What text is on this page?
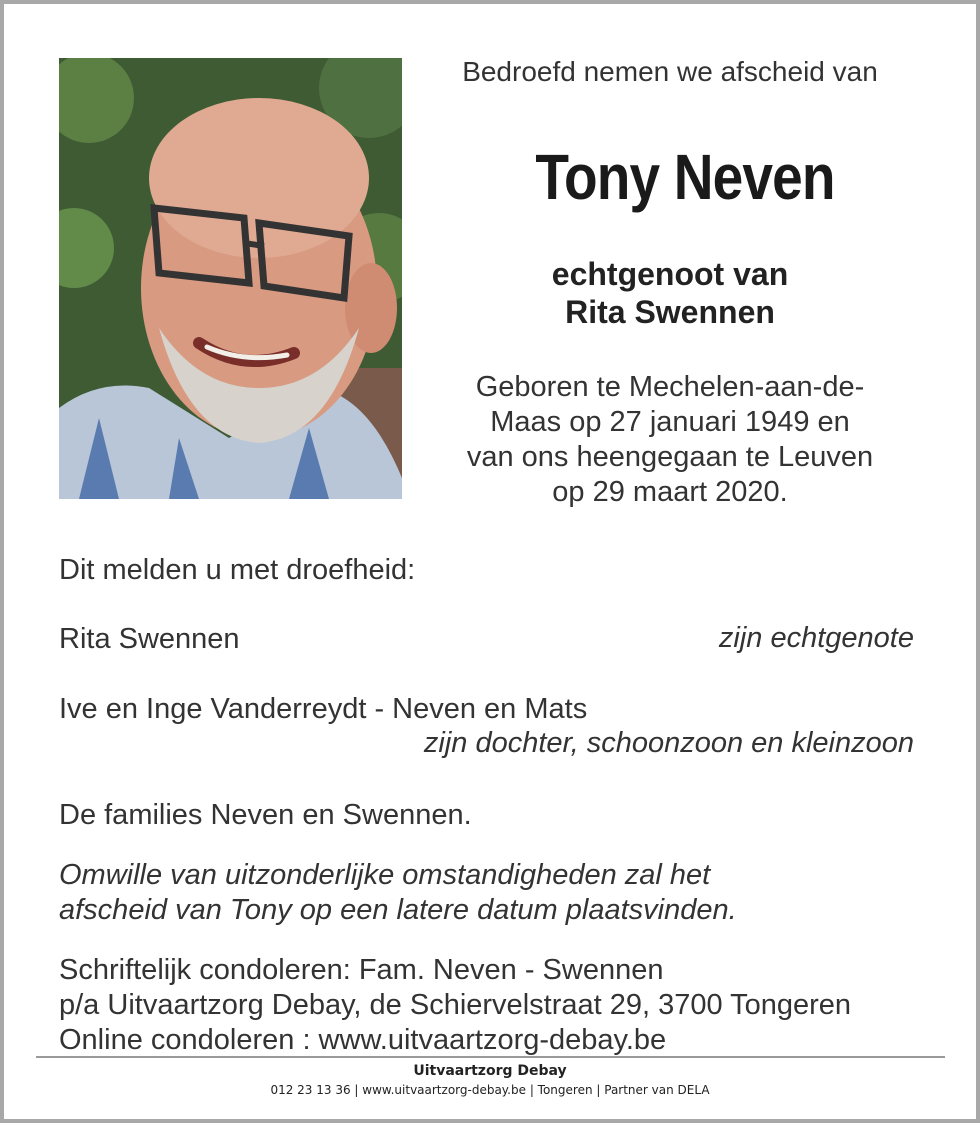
Bedroefd nemen we afscheid van
Tony Neven
echtgenoot van
Rita Swennen
Geboren te Mechelen-aan-de-
Maas op 27 januari 1949 en
van ons heengegaan te Leuven
op 29 maart 2020.
Dit melden u met droefheid:
Rita Swennen	zijn echtgenote
Ive en Inge Vanderreydt - Neven en Mats
zijn dochter, schoonzoon en kleinzoon
De families Neven en Swennen.
Omwille van uitzonderlijke omstandigheden zal het
afscheid van Tony op een latere datum plaatsvinden.
Schriftelijk condoleren: Fam. Neven - Swennen
p/a Uitvaartzorg Debay, de Schiervelstraat 29, 3700 Tongeren
Online condoleren : www.uitvaartzorg-debay.be
Uitvaartzorg Debay
012 23 13 36 | www.uitvaartzorg-debay.be | Tongeren | Partner van DELA
